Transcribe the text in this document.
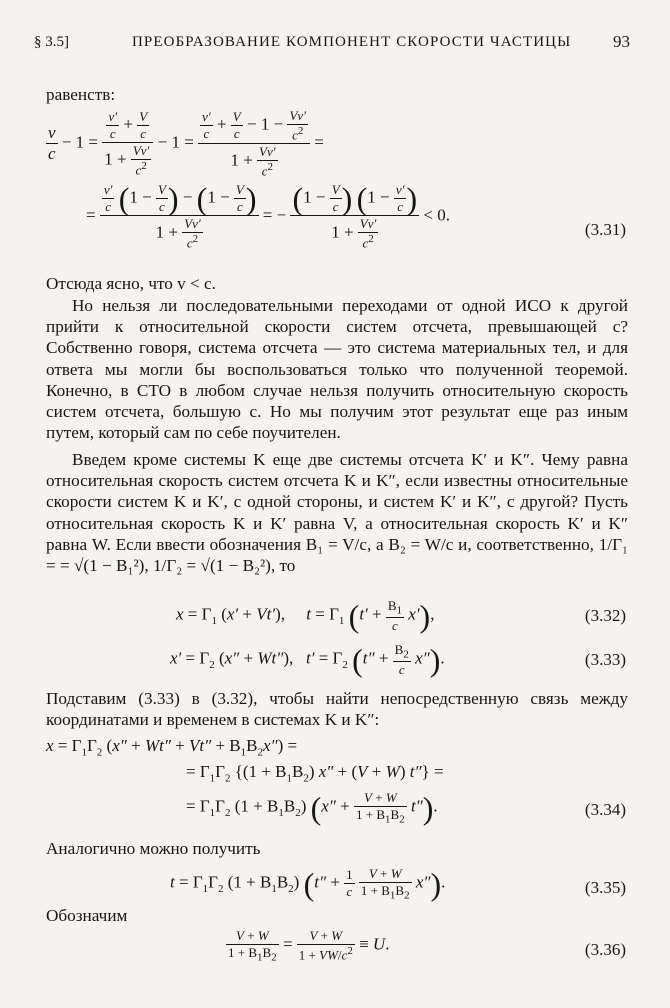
§ 3.5]	ПРЕОБРАЗОВАНИЕ КОМПОНЕНТ СКОРОСТИ ЧАСТИЦЫ 93
равенств:
$\frac{v}{c} - 1 = \frac{\frac{v'}{c} + \frac{V}{c}}{1 + \frac{Vv'}{c^2}} - 1 = \frac{\frac{v'}{c} + \frac{V}{c} - 1 - \frac{Vv'}{c^2}}{1 + \frac{Vv'}{c^2}}$ =
= $\frac{\frac{v'}{c} (1 - \frac{V}{c} ) - (1 - \frac{V}{c} )}{1 + \frac{Vv'}{c^2}}$ = − $\frac{(1 - \frac{V}{c} ) (1 - \frac{v'}{c} )}{1 + \frac{Vv'}{c^2}} < 0$.
(3.31)
Отсюда ясно, что v < c.

Но нельзя ли последовательными переходами от одной ИСО к другой прийти к относительной скорости систем отсчета, превышающей c? Собственно говоря, система отсчета — это система материальных тел, и для ответа мы могли бы воспользоваться только что полученной теоремой. Конечно, в СТО в любом случае нельзя получить относительную скорость систем отсчета, большую c. Но мы получим этот результат еще раз иным путем, который сам по себе поучителен.

Введем кроме системы K еще две системы отсчета K′ и K″. Чему равна относительная скорость систем отсчета K и K″, если известны относительные скорости систем K и K′, с одной стороны, и систем K′ и K″, с другой? Пусть относительная скорость K и K′ равна V, а относительная скорость K′ и K″ равна W. Если ввести обозначения B₁ = V/c, а B₂ = W/c и, соответственно, 1/Γ₁ = = √(1 − B₁²), 1/Γ₂ = √(1 − B₂²), то

$x = \Gamma_1$ (x′ + Vt′),     $t = \Gamma_1$ $(t' + \frac{B_1}{c} x')$,	(3.32)
$x' = \Gamma_2$ (x″ + Wt″),   $t' = \Gamma_2$ $(t'' + \frac{B_2}{c} x'')$.	(3.33)
Подставим (3.33) в (3.32), чтобы найти непосредственную связь между координатами и временем в системах K и K″:
$x = \Gamma_1\Gamma_2$ $(x'' + Wt'' + Vt'' + B_1B_2x'')$ =
= $\Gamma_1\Gamma_2$ {$(1 + B_1B_2)$ x″ + (V + W) t″} =
= $\Gamma_1\Gamma_2$ $(1 + B_1B_2)$ $(x'' + \frac{V + W}{1 + B_1B_2} t'')$.	(3.34)
Аналогично можно получить
$t = \Gamma_1\Gamma_2$ $(1 + B_1B_2)$ ($t'' + \frac{1}{c}$
$\frac{V + W}{1 + B_1B_2} x''$).	(3.35)
Обозначим
$\frac{V + W}{1 + B_1B_2} = \frac{V + W}{1 + VW/c^2} \equiv U$.	(3.36)
